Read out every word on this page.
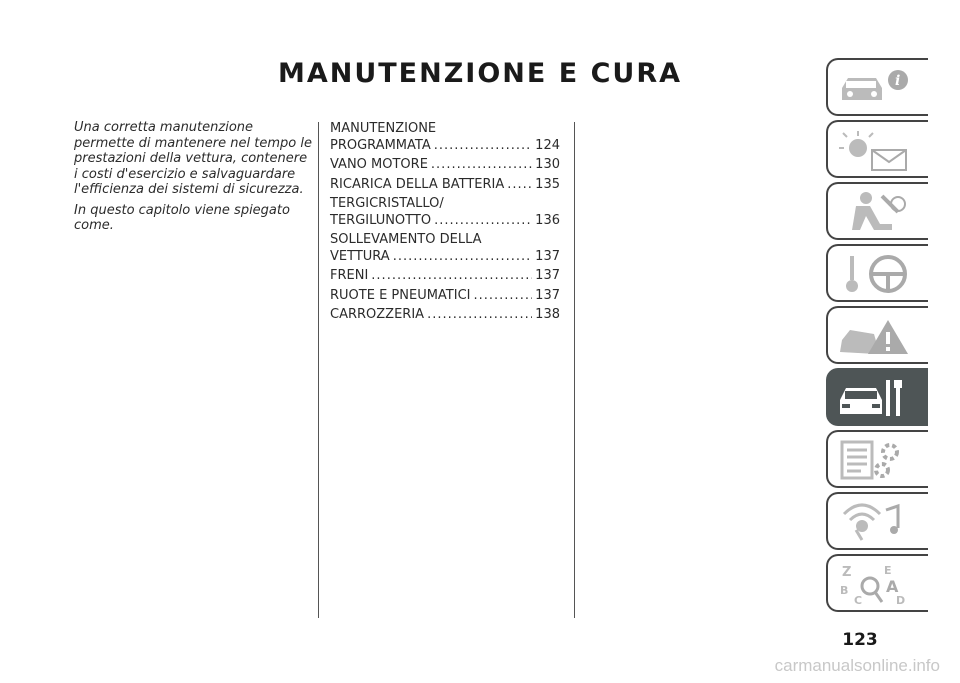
MANUTENZIONE E CURA

Una corretta manutenzione permette di mantenere nel tempo le prestazioni della vettura, contenere i costi d'esercizio e salvaguardare l'efficienza dei sistemi di sicurezza.

In questo capitolo viene spiegato come.

MANUTENZIONE
PROGRAMMATA .....	124
VANO MOTORE .....	130
RICARICA DELLA BATTERIA ..... 135
TERGICRISTALLO/
TERGILUNOTTO .....	136
SOLLEVAMENTO DELLA
VETTURA .....	137
FRENI .....	137
RUOTE E PNEUMATICI .....	137
CARROZZERIA .....	138
i
Z	E
B
C
A
D
123
carmanualsonline.info
